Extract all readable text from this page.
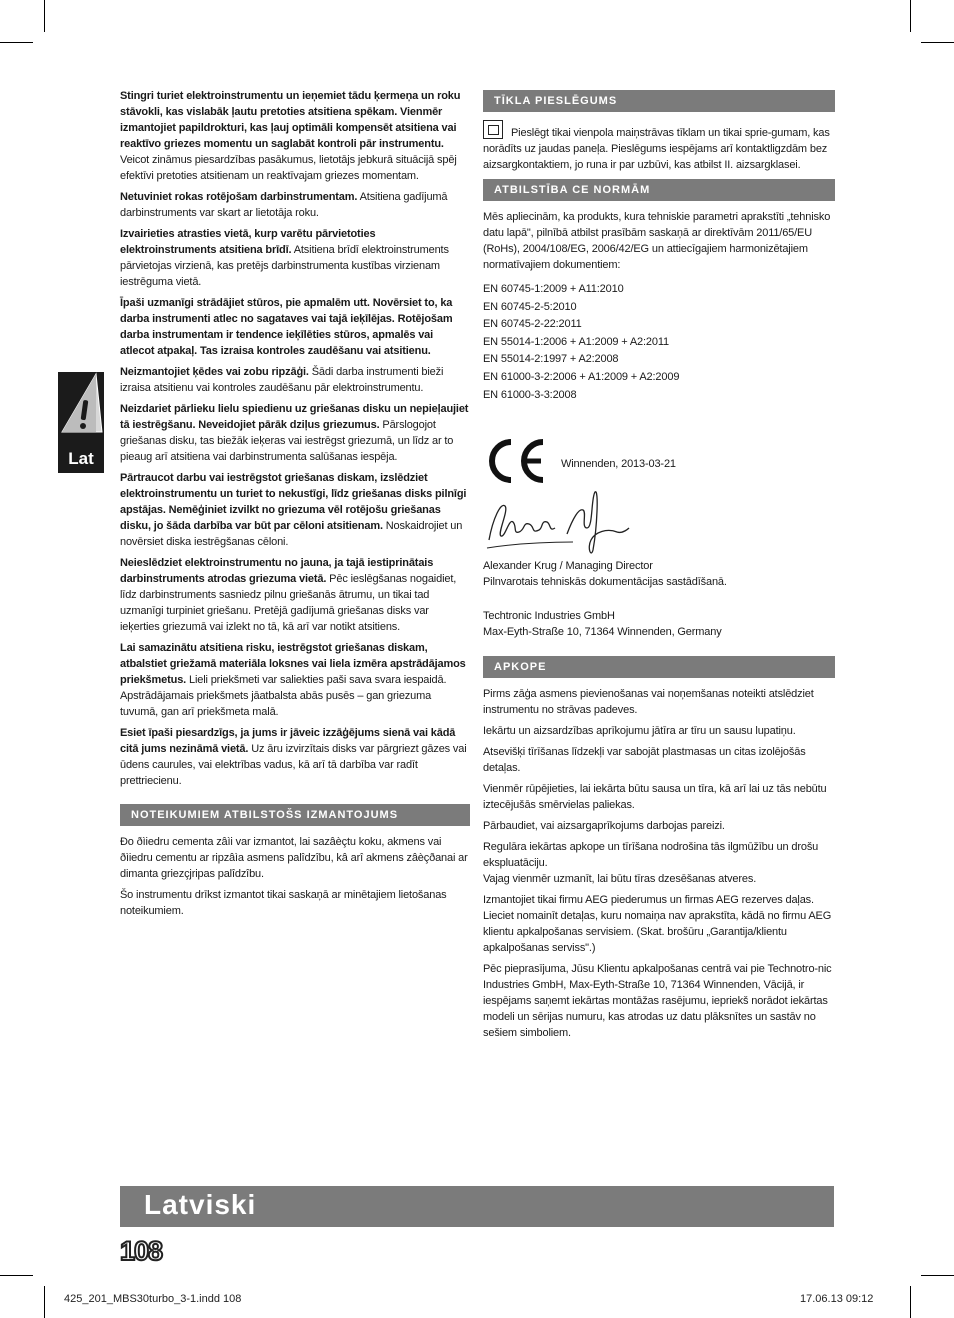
Lat

Stingri turiet elektroinstrumentu un ieņemiet tādu ķermeņa un roku stāvokli, kas vislabāk ļautu pretoties atsitiena spēkam. Vienmēr izmantojiet papildrokturi, kas ļauj optimāli kompensēt atsitiena vai reaktīvo griezes momentu un saglabāt kontroli pār instrumentu. Veicot zināmus piesardzības pasākumus, lietotājs jebkurā situācijā spēj efektīvi pretoties atsitienam un reaktīvajam griezes momentam.

Netuviniet rokas rotējošam darbinstrumentam. Atsitiena gadījumā darbinstruments var skart ar lietotāja roku.

Izvairieties atrasties vietā, kurp varētu pārvietoties elektroinstruments atsitiena brīdī. Atsitiena brīdī elektroinstruments pārvietojas virzienā, kas pretējs darbinstrumenta kustības virzienam iestrēguma vietā.

Īpaši uzmanīgi strādājiet stūros, pie apmalēm utt. Novērsiet to, ka darba instrumenti atlec no sagataves vai tajā ieķīlējas. Rotējošam darba instrumentam ir tendence ieķīlēties stūros, apmalēs vai atlecot atpakaļ. Tas izraisa kontroles zaudēšanu vai atsitienu.

Neizmantojiet ķēdes vai zobu ripzāģi. Šādi darba instrumenti bieži izraisa atsitienu vai kontroles zaudēšanu pār elektroinstrumentu.

Neizdariet pārlieku lielu spiedienu uz griešanas disku un nepieļaujiet tā iestrēgšanu. Neveidojiet pārāk dziļus griezumus. Pārslogojot griešanas disku, tas biežāk ieķeras vai iestrēgst griezumā, un līdz ar to pieaug arī atsitiena vai darbinstrumenta salūšanas iespēja.

Pārtraucot darbu vai iestrēgstot griešanas diskam, izslēdziet elektroinstrumentu un turiet to nekustīgi, līdz griešanas disks pilnīgi apstājas. Nemēģiniet izvilkt no griezuma vēl rotējošu griešanas disku, jo šāda darbība var būt par cēloni atsitienam. Noskaidrojiet un novērsiet diska iestrēgšanas cēloni.

Neieslēdziet elektroinstrumentu no jauna, ja tajā iestiprinātais darbinstruments atrodas griezuma vietā. Pēc ieslēgšanas nogaidiet, līdz darbinstruments sasniedz pilnu griešanās ātrumu, un tikai tad uzmanīgi turpiniet griešanu. Pretējā gadījumā griešanas disks var ieķerties griezumā vai izlekt no tā, kā arī var notikt atsitiens.

Lai samazinātu atsitiena risku, iestrēgstot griešanas diskam, atbalstiet griežamā materiāla loksnes vai liela izmēra apstrādājamos priekšmetus. Lieli priekšmeti var saliekties paši sava svara iespaidā. Apstrādājamais priekšmets jāatbalsta abās pusēs – gan griezuma tuvumā, gan arī priekšmeta malā.

Esiet īpaši piesardzīgs, ja jums ir jāveic izzāģējums sienā vai kādā citā jums nezināmā vietā. Uz āru izvirzītais disks var pārgriezt gāzes vai ūdens caurules, vai elektrības vadus, kā arī tā darbība var radīt prettriecienu.

NOTEIKUMIEM ATBILSTOŠS IZMANTOJUMS

Ðo ðìiedru cementa zâìi var izmantot, lai sazâèçtu koku, akmens vai ðìiedru cementu ar ripzâìa asmens palîdzîbu, kâ arî akmens zâèçðanai ar dimanta griezçjripas palîdzîbu.

Šo instrumentu drīkst izmantot tikai saskaņā ar minētajiem lietošanas noteikumiem.

TĪKLA PIESLĒGUMS
Pieslēgt tikai vienpola maiņstrāvas tīklam un tikai sprie-gumam, kas norādīts uz jaudas paneļa. Pieslēgums iespējams arī kontaktligzdām bez aizsargkontaktiem, jo runa ir par uzbūvi, kas atbilst II. aizsargklasei.
ATBILSTĪBA CE NORMĀM

Mēs apliecinām, ka produkts, kura tehniskie parametri aprakstīti „tehnisko datu lapā", pilnībā atbilst prasībām saskaņā ar direktīvām 2011/65/EU (RoHs), 2004/108/EG, 2006/42/EG un attiecīgajiem harmonizētajiem normatīvajiem dokumentiem:

EN 60745-1:2009 + A11:2010
EN 60745-2-5:2010
EN 60745-2-22:2011
EN 55014-1:2006 + A1:2009 + A2:2011
EN 55014-2:1997 + A2:2008
EN 61000-3-2:2006 + A1:2009 + A2:2009
EN 61000-3-3:2008
Winnenden, 2013-03-21
Alexander Krug / Managing Director
Pilnvarotais tehniskās dokumentācijas sastādīšanā.
Techtronic Industries GmbH
Max-Eyth-Straße 10, 71364 Winnenden, Germany
APKOPE

Pirms zāģa asmens pievienošanas vai noņemšanas noteikti atslēdziet instrumentu no strāvas padeves.

Iekārtu un aizsardzības aprīkojumu jātīra ar tīru un sausu lupatiņu.

Atsevišķi tīrīšanas līdzekļi var sabojāt plastmasas un citas izolējošās detaļas.

Vienmēr rūpējieties, lai iekārta būtu sausa un tīra, kā arī lai uz tās nebūtu iztecējušās smērvielas paliekas.

Pārbaudiet, vai aizsargaprīkojums darbojas pareizi.

Regulāra iekārtas apkope un tīrīšana nodrošina tās ilgmūžību un drošu ekspluatāciju.
Vajag vienmēr uzmanīt, lai būtu tīras dzesēšanas atveres.

Izmantojiet tikai firmu AEG piederumus un firmas AEG rezerves daļas. Lieciet nomainīt detaļas, kuru nomaiņa nav aprakstīta, kādā no firmu AEG klientu apkalpošanas servisiem. (Skat. brošūru „Garantija/klientu apkalpošanas serviss".)

Pēc pieprasījuma, Jūsu Klientu apkalpošanas centrā vai pie Technotro-nic Industries GmbH, Max-Eyth-Straße 10, 71364 Winnenden, Vācijā, ir iespējams saņemt iekārtas montāžas rasējumu, iepriekš norādot iekārtas modeli un sērijas numuru, kas atrodas uz datu plāksnītes un sastāv no sešiem simboliem.

Latviski
108
425_201_MBS30turbo_3-1.indd 108	17.06.13 09:12
